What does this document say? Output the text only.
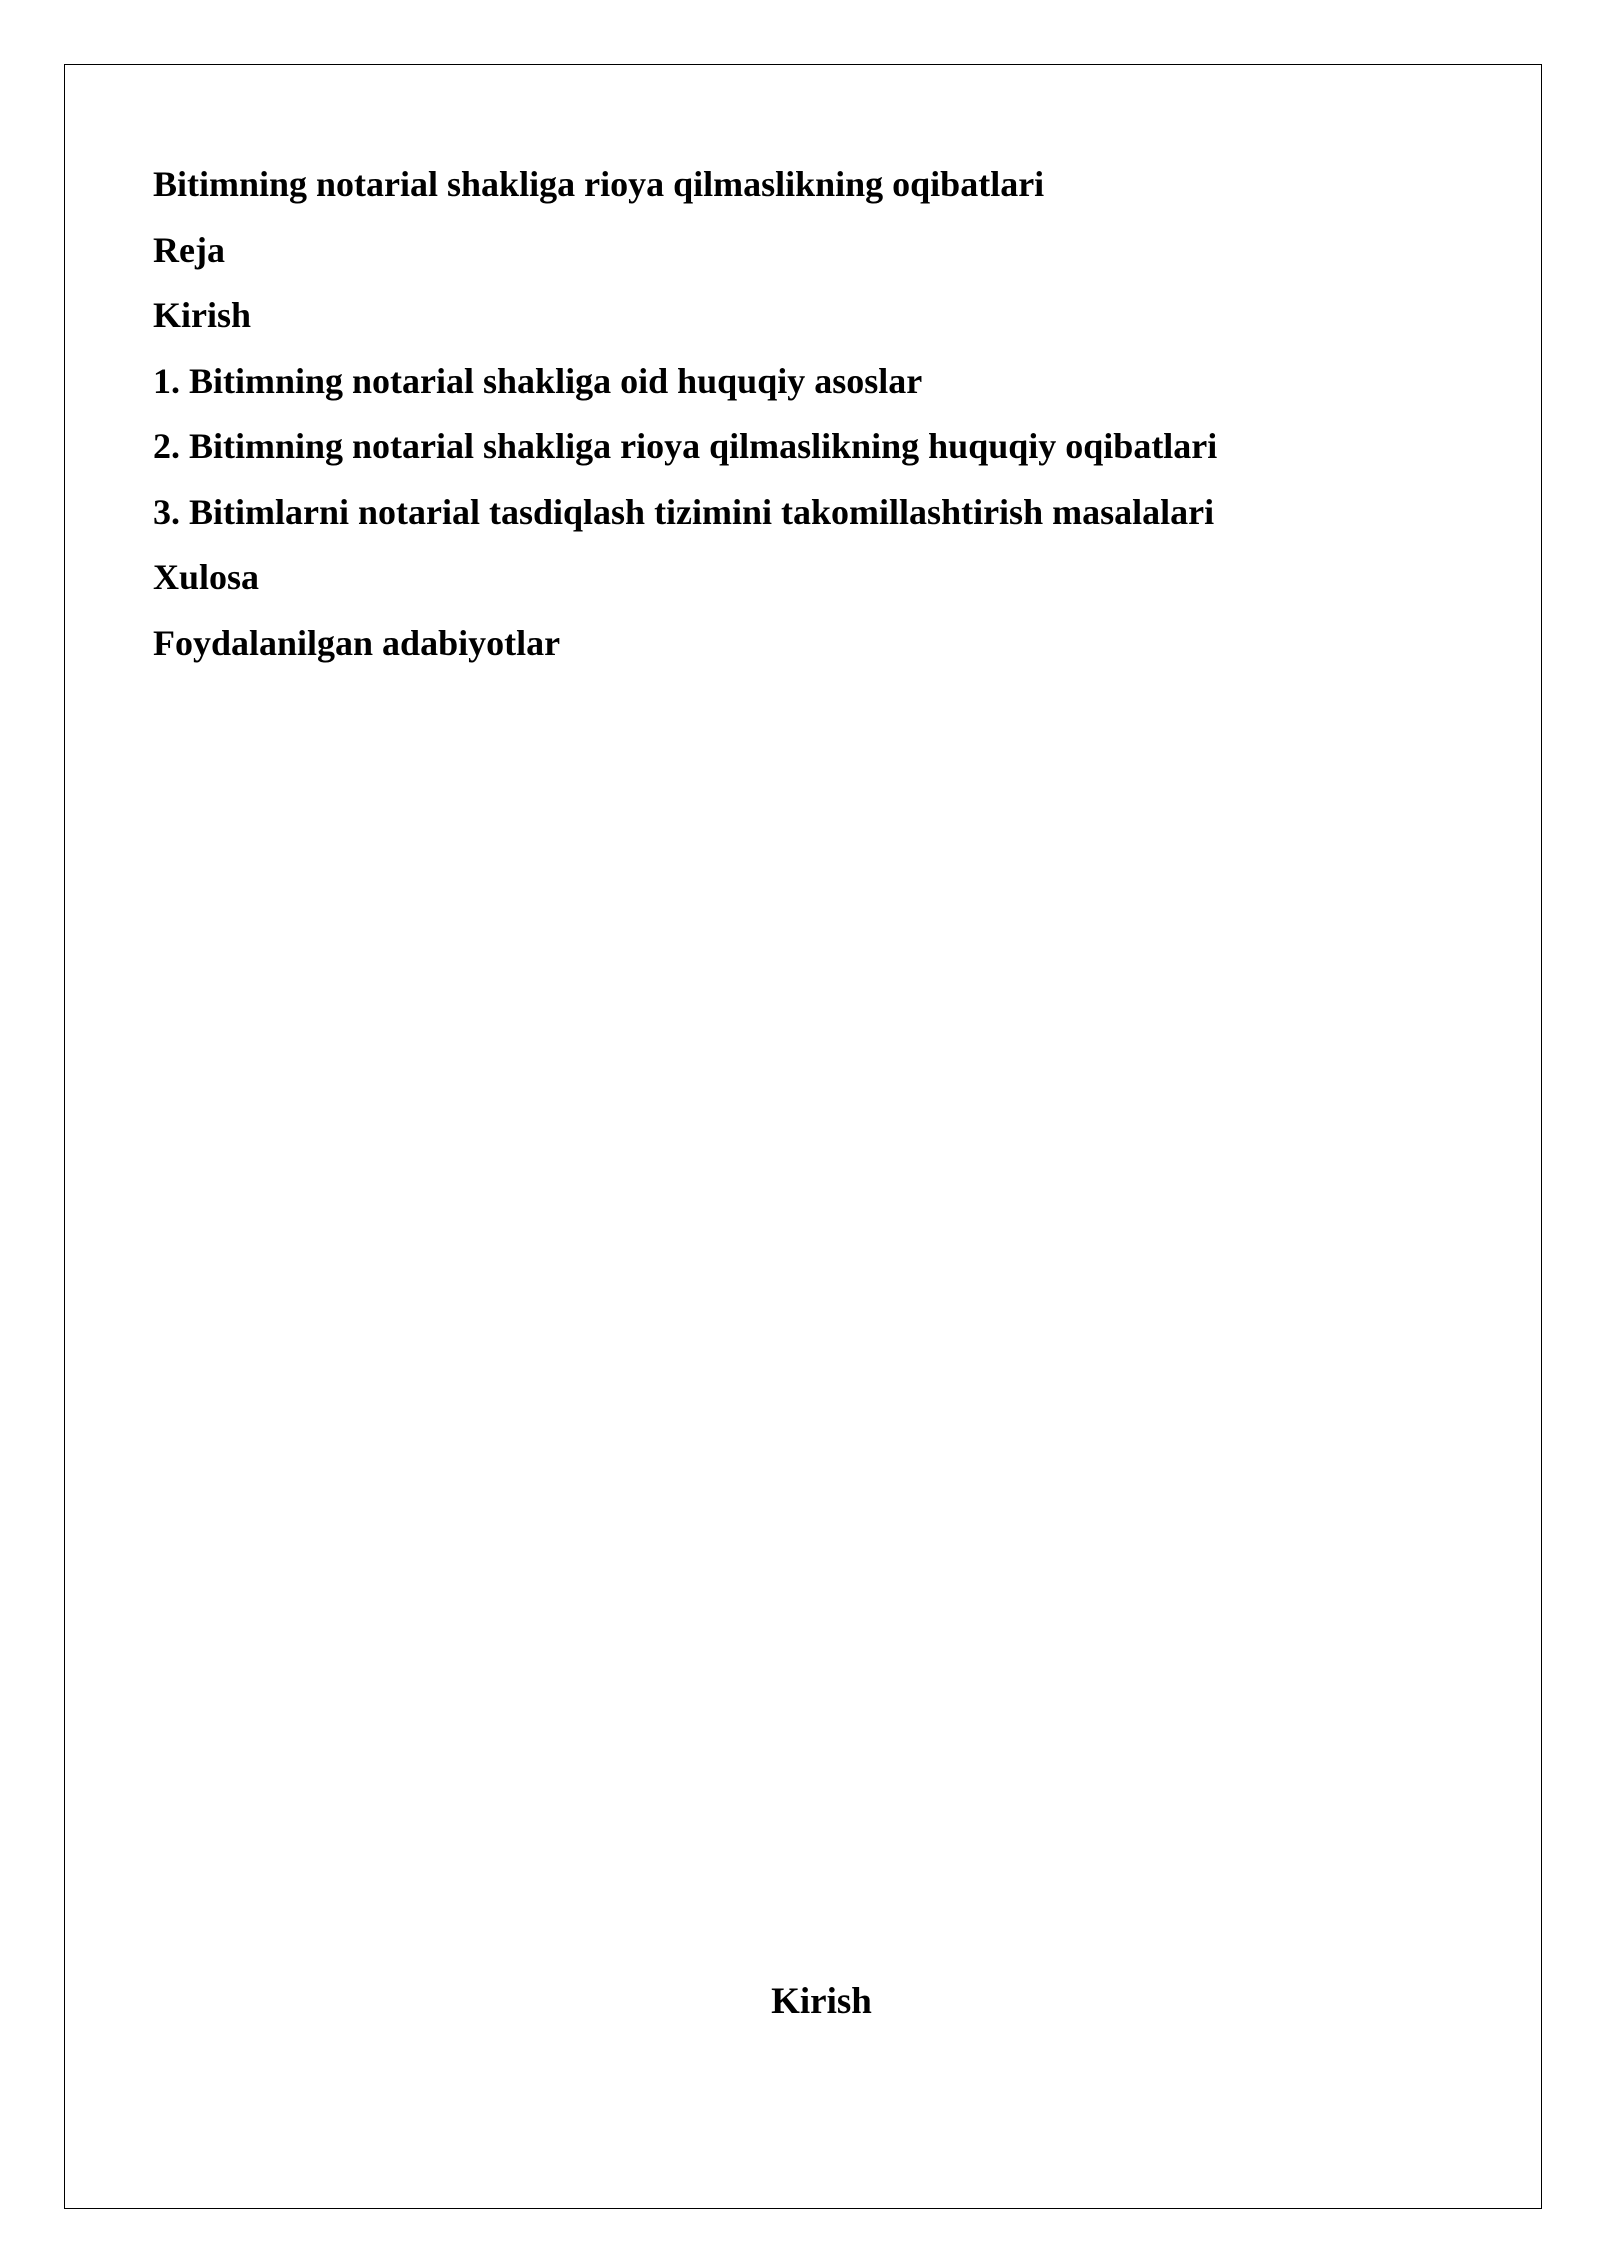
Bitimning notarial shakliga rioya qilmaslikning oqibatlari
Reja
Kirish
1. Bitimning notarial shakliga oid huquqiy asoslar
2. Bitimning notarial shakliga rioya qilmaslikning huquqiy oqibatlari
3. Bitimlarni notarial tasdiqlash tizimini takomillashtirish masalalari
Xulosa
Foydalanilgan adabiyotlar
Kirish
